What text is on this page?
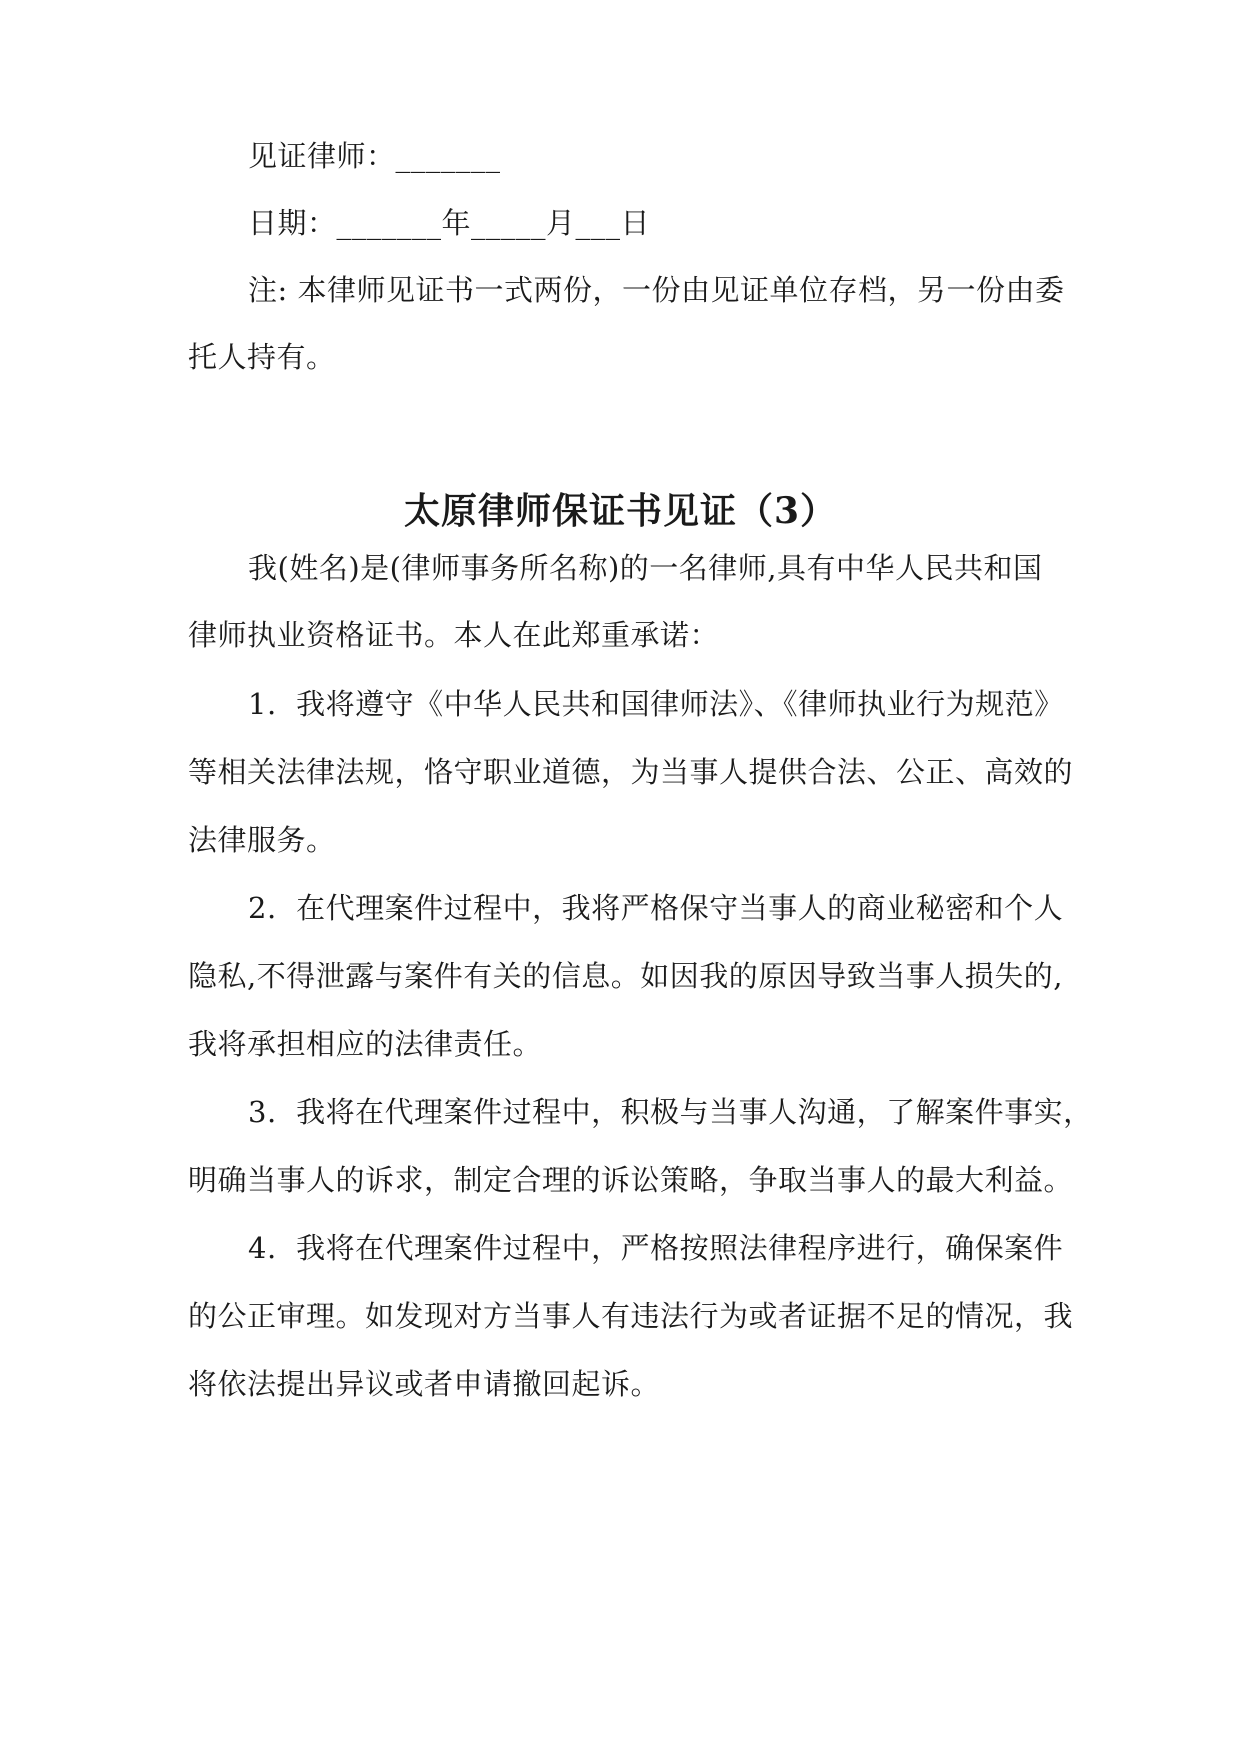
见证律师：_______
日期：_______年_____月___日
注: 本律师见证书一式两份，一份由见证单位存档，另一份由委
托人持有。
太原律师保证书见证（3）
我(姓名)是(律师事务所名称)的一名律师,具有中华人民共和国
律师执业资格证书。本人在此郑重承诺：
1.  我将遵守《中华人民共和国律师法》、《律师执业行为规范》
等相关法律法规，恪守职业道德，为当事人提供合法、公正、高效的
法律服务。
2.  在代理案件过程中，我将严格保守当事人的商业秘密和个人
隐私,不得泄露与案件有关的信息。如因我的原因导致当事人损失的,
我将承担相应的法律责任。
3.  我将在代理案件过程中，积极与当事人沟通，了解案件事实，
明确当事人的诉求，制定合理的诉讼策略，争取当事人的最大利益。
4.  我将在代理案件过程中，严格按照法律程序进行，确保案件
的公正审理。如发现对方当事人有违法行为或者证据不足的情况，我
将依法提出异议或者申请撤回起诉。
